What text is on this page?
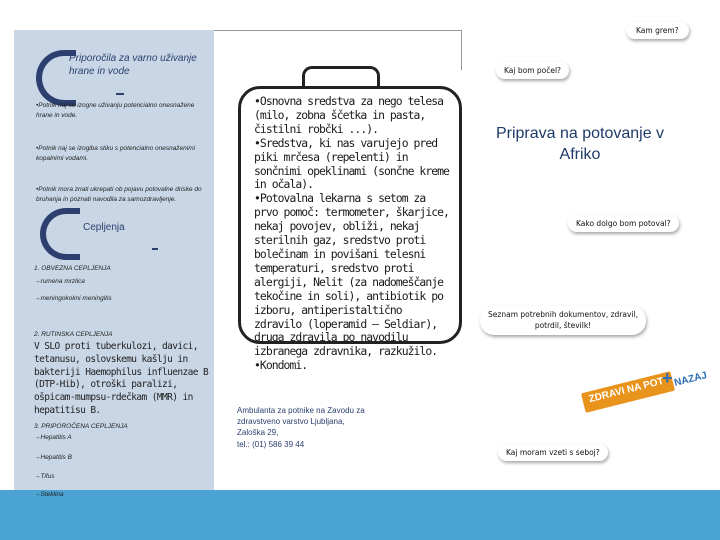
Kam grem?
Priporočila za varno uživanje hrane in vode
•Potnik naj se izogne uživanju potencialno onesnažene hrane in vode.
•Potnik naj se izogiba stiku s potencialno onesnaženimi kopalnimi vodami.
•Potnik mora znati ukrepati ob pojavu potovalne driske do bruhanja in poznati navodila za samozdravljenje.
Cepljenja
1. OBVEZNA CEPLJENJA
→rumena mrzlica
→meningokokni meningitis
2. RUTINSKA CEPLJENJA
V SLO proti tuberkulozi, davici, tetanusu, oslovskemu kašlju in bakteriji Haemophilus influenzae B (DTP-Hib), otroški paralizi, ošpicam-mumpsu-rdečkam (MMR) in hepatitisu B.
3. PRIPOROČENA CEPLJENJA
→Hepatitis A
→Hepatitis B
→Tifus
→Steklina
•Osnovna sredstva za nego telesa (milo, zobna ščetka in pasta, čistilni robčki ...).
•Sredstva, ki nas varujejo pred piki mrčesa (repelenti) in sončnimi opeklinami (sončne kreme in očala).
•Potovalna lekarna s setom za prvo pomoč: termometer, škarjice, nekaj povojev, obliži, nekaj sterilnih gaz, sredstvo proti bolečinam in povišani telesni temperaturi, sredstvo proti alergiji, Nelit (za nadomeščanje tekočine in soli), antibiotik po izboru, antiperistaltično zdravilo (loperamid – Seldiar), druga zdravila po navodilu izbranega zdravnika, razkužilo.
•Kondomi.
Ambulanta za potnike na Zavodu za
zdravstveno varstvo Ljubljana,
Zaloška 29,
tel.: (01) 586 39 44
Kaj bom počel?
Priprava na potovanje v Afriko
Kako dolgo bom potoval?
Seznam potrebnih dokumentov, zdravil, potrdil, številk!
ZDRAVI NA POT
+ NAZAJ
Kaj moram vzeti s seboj?
